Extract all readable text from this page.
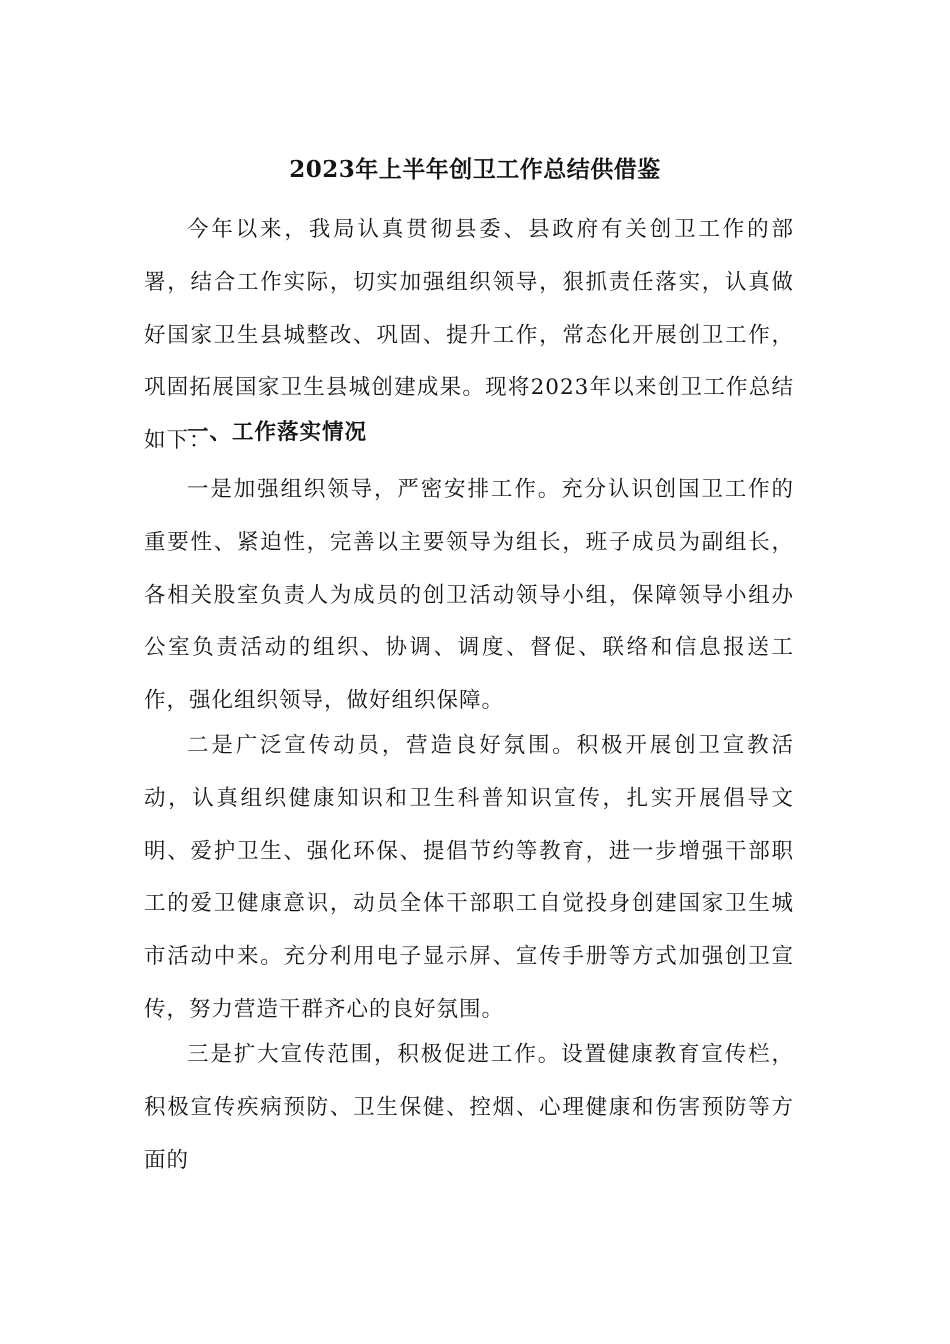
2023年上半年创卫工作总结供借鉴

今年以来，我局认真贯彻县委、县政府有关创卫工作的部署，结合工作实际，切实加强组织领导，狠抓责任落实，认真做好国家卫生县城整改、巩固、提升工作，常态化开展创卫工作，巩固拓展国家卫生县城创建成果。现将2023年以来创卫工作总结如下：

一、工作落实情况

一是加强组织领导，严密安排工作。充分认识创国卫工作的重要性、紧迫性，完善以主要领导为组长，班子成员为副组长，各相关股室负责人为成员的创卫活动领导小组，保障领导小组办公室负责活动的组织、协调、调度、督促、联络和信息报送工作，强化组织领导，做好组织保障。

二是广泛宣传动员，营造良好氛围。积极开展创卫宣教活动，认真组织健康知识和卫生科普知识宣传，扎实开展倡导文明、爱护卫生、强化环保、提倡节约等教育，进一步增强干部职工的爱卫健康意识，动员全体干部职工自觉投身创建国家卫生城市活动中来。充分利用电子显示屏、宣传手册等方式加强创卫宣传，努力营造干群齐心的良好氛围。

三是扩大宣传范围，积极促进工作。设置健康教育宣传栏，积极宣传疾病预防、卫生保健、控烟、心理健康和伤害预防等方面的
